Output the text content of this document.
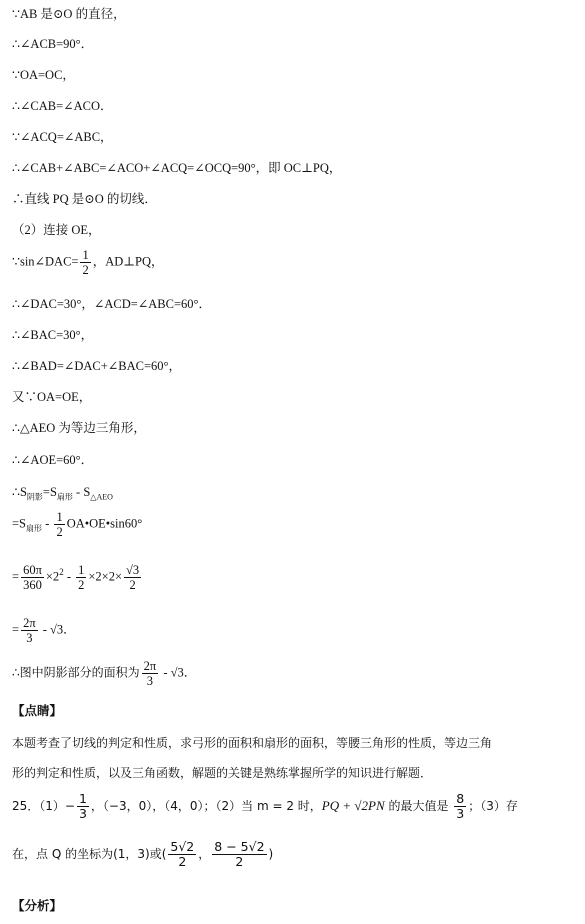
∵AB 是⊙O 的直径，
∴∠ACB=90°．
∵OA=OC，
∴∠CAB=∠ACO．
∵∠ACQ=∠ABC，
∴∠CAB+∠ABC=∠ACO+∠ACQ=∠OCQ=90°，即 OC⊥PQ，
∴直线 PQ 是⊙O 的切线．
（2）连接 OE，
∵sin∠DAC= $\frac{1}{2}$ ，AD⊥PQ，
∴∠DAC=30°，∠ACD=∠ABC=60°．
∴∠BAC=30°，
∴∠BAD=∠DAC+∠BAC=60°，
又∵OA=OE，
∴△AEO 为等边三角形，
∴∠AOE=60°．
$\therefore S_{阴影}=S_{扇形} - S_{\triangle AEO}$
$=S_{扇形} - \frac{1}{2}$ OA•OE•sin60°
= $\frac{60\pi}{360} \times 2^2 - \frac{1}{2} \times 2\times 2\times \frac{√3}{2}$
= $\frac{2\pi}{3} - √3$．
∴图中阴影部分的面积为 $\frac{2\pi}{3} - √3$．
【点睛】
本题考查了切线的判定和性质，求弓形的面积和扇形的面积，等腰三角形的性质，等边三角
形的判定和性质，以及三角函数，解题的关键是熟练掌握所学的知识进行解题．
25．$(1)- \frac{1}{3}$ ，（−3，0），（4，0）；（2）当 m = 2 时，PQ + √2PN 的最大值是 $\frac{8}{3}$ ；（3）存
在，点 Q 的坐标为(1，3)或( $\frac{5√2}{2}$ ， $\frac{8 - 5√2}{2}$ )
【分析】
